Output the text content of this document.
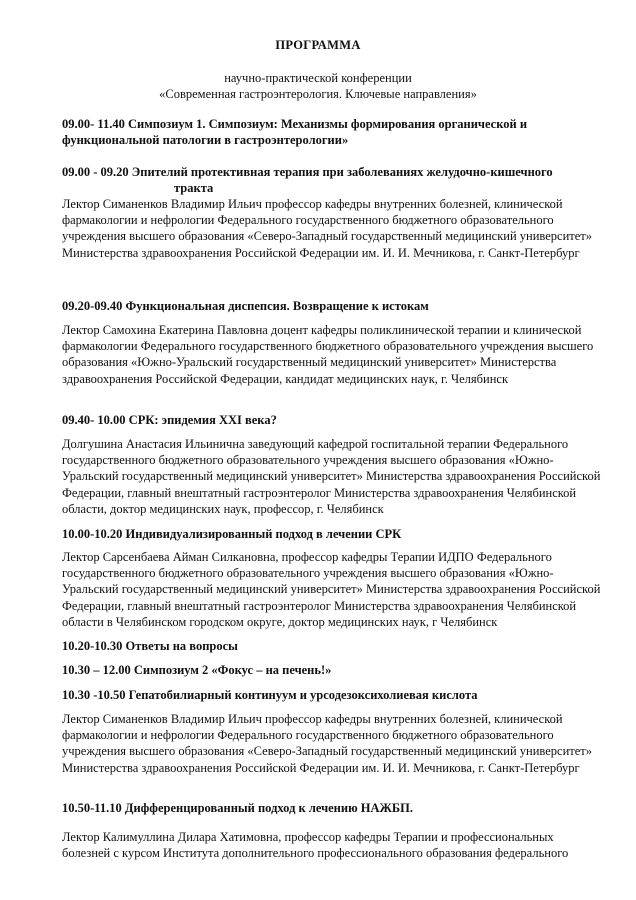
ПРОГРАММА
научно-практической конференции
«Современная гастроэнтерология. Ключевые направления»
09.00- 11.40 Симпозиум 1. Симпозиум: Механизмы формирования органической и
функциональной патологии в гастроэнтерологии»
09.00 - 09.20 Эпителий протективная терапия при заболеваниях желудочно-кишечного
тракта
Лектор Симаненков Владимир Ильич профессор кафедры внутренних болезней, клинической фармакологии и нефрологии Федерального государственного бюджетного образовательного учреждения высшего образования «Северо-Западный государственный медицинский университет» Министерства здравоохранения Российской Федерации им. И. И. Мечникова, г. Санкт-Петербург
09.20-09.40 Функциональная диспепсия. Возвращение к истокам
Лектор Самохина Екатерина Павловна доцент кафедры поликлинической терапии и клинической фармакологии Федерального государственного бюджетного образовательного учреждения высшего образования «Южно-Уральский государственный медицинский университет» Министерства здравоохранения Российской Федерации, кандидат медицинских наук, г. Челябинск
09.40- 10.00 СРК: эпидемия XXI века?
Долгушина Анастасия Ильинична заведующий кафедрой госпитальной терапии Федерального государственного бюджетного образовательного учреждения высшего образования «Южно-Уральский государственный медицинский университет» Министерства здравоохранения Российской Федерации, главный внештатный гастроэнтеролог Министерства здравоохранения Челябинской области, доктор медицинских наук, профессор, г. Челябинск
10.00-10.20 Индивидуализированный подход в лечении СРК
Лектор Сарсенбаева Айман Силкановна, профессор кафедры Терапии ИДПО Федерального государственного бюджетного образовательного учреждения высшего образования «Южно-Уральский государственный медицинский университет» Министерства здравоохранения Российской Федерации, главный внештатный гастроэнтеролог Министерства здравоохранения Челябинской области в Челябинском городском округе, доктор медицинских наук, г Челябинск
10.20-10.30 Ответы на вопросы
10.30 – 12.00 Симпозиум 2 «Фокус – на печень!»
10.30 -10.50 Гепатобилиарный континуум и урсодезоксихолиевая кислота
Лектор Симаненков Владимир Ильич профессор кафедры внутренних болезней, клинической фармакологии и нефрологии Федерального государственного бюджетного образовательного учреждения высшего образования «Северо-Западный государственный медицинский университет» Министерства здравоохранения Российской Федерации им. И. И. Мечникова, г. Санкт-Петербург
10.50-11.10 Дифференцированный подход к лечению НАЖБП.
Лектор Калимуллина Дилара Хатимовна, профессор кафедры Терапии и профессиональных болезней с курсом Института дополнительного профессионального образования федерального
